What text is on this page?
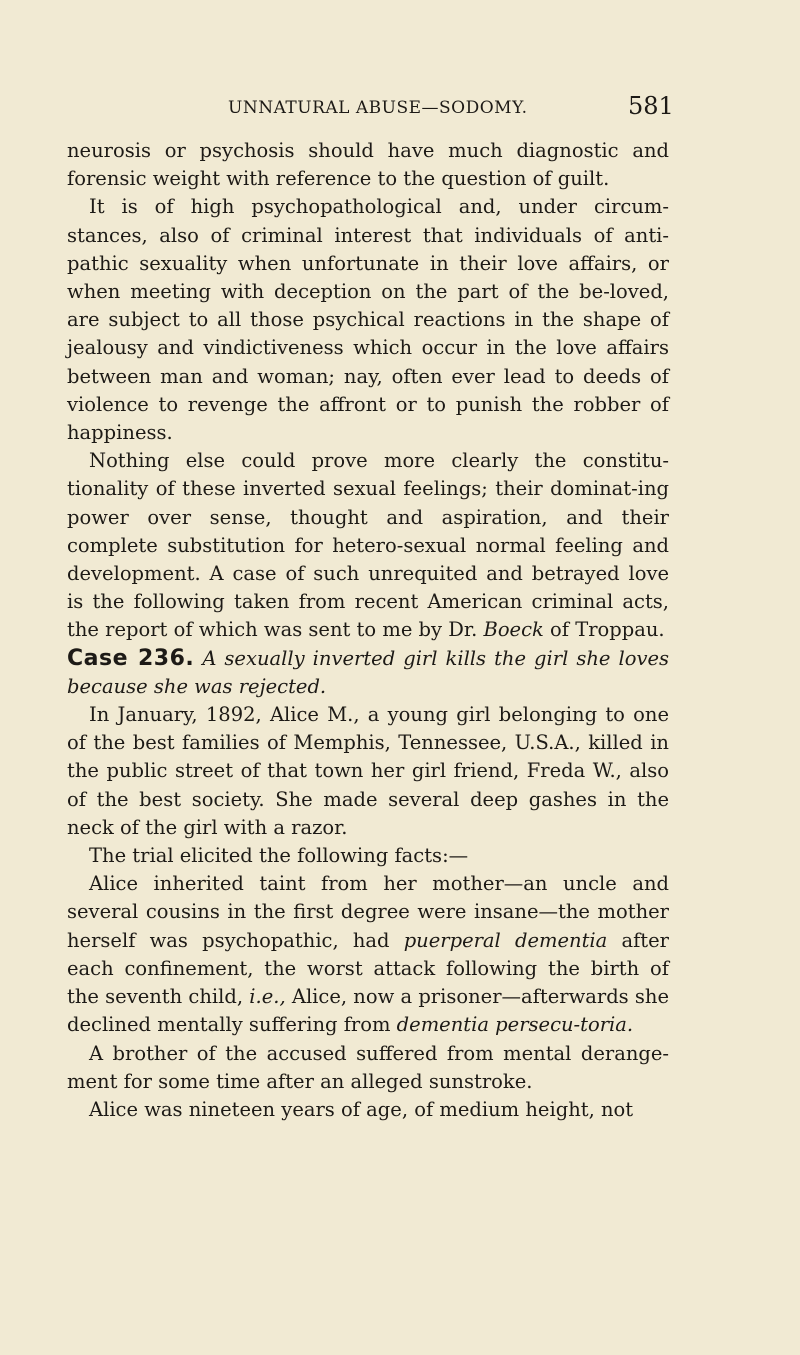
UNNATURAL ABUSE—SODOMY.	581

neurosis or psychosis should have much diagnostic and forensic weight with reference to the question of guilt.

It is of high psychopathological and, under circum-stances, also of criminal interest that individuals of anti-pathic sexuality when unfortunate in their love affairs, or when meeting with deception on the part of the be-loved, are subject to all those psychical reactions in the shape of jealousy and vindictiveness which occur in the love affairs between man and woman; nay, often ever lead to deeds of violence to revenge the affront or to punish the robber of happiness.

Nothing else could prove more clearly the constitu-tionality of these inverted sexual feelings; their dominat-ing power over sense, thought and aspiration, and their complete substitution for hetero-sexual normal feeling and development. A case of such unrequited and betrayed love is the following taken from recent American criminal acts, the report of which was sent to me by Dr. Boeck of Troppau.

Case 236. A sexually inverted girl kills the girl she loves because she was rejected.

In January, 1892, Alice M., a young girl belonging to one of the best families of Memphis, Tennessee, U.S.A., killed in the public street of that town her girl friend, Freda W., also of the best society. She made several deep gashes in the neck of the girl with a razor.

The trial elicited the following facts:—

Alice inherited taint from her mother—an uncle and several cousins in the first degree were insane—the mother herself was psychopathic, had puerperal dementia after each confinement, the worst attack following the birth of the seventh child, i.e., Alice, now a prisoner—afterwards she declined mentally suffering from dementia persecu-toria.

A brother of the accused suffered from mental derange-ment for some time after an alleged sunstroke.

Alice was nineteen years of age, of medium height, not
